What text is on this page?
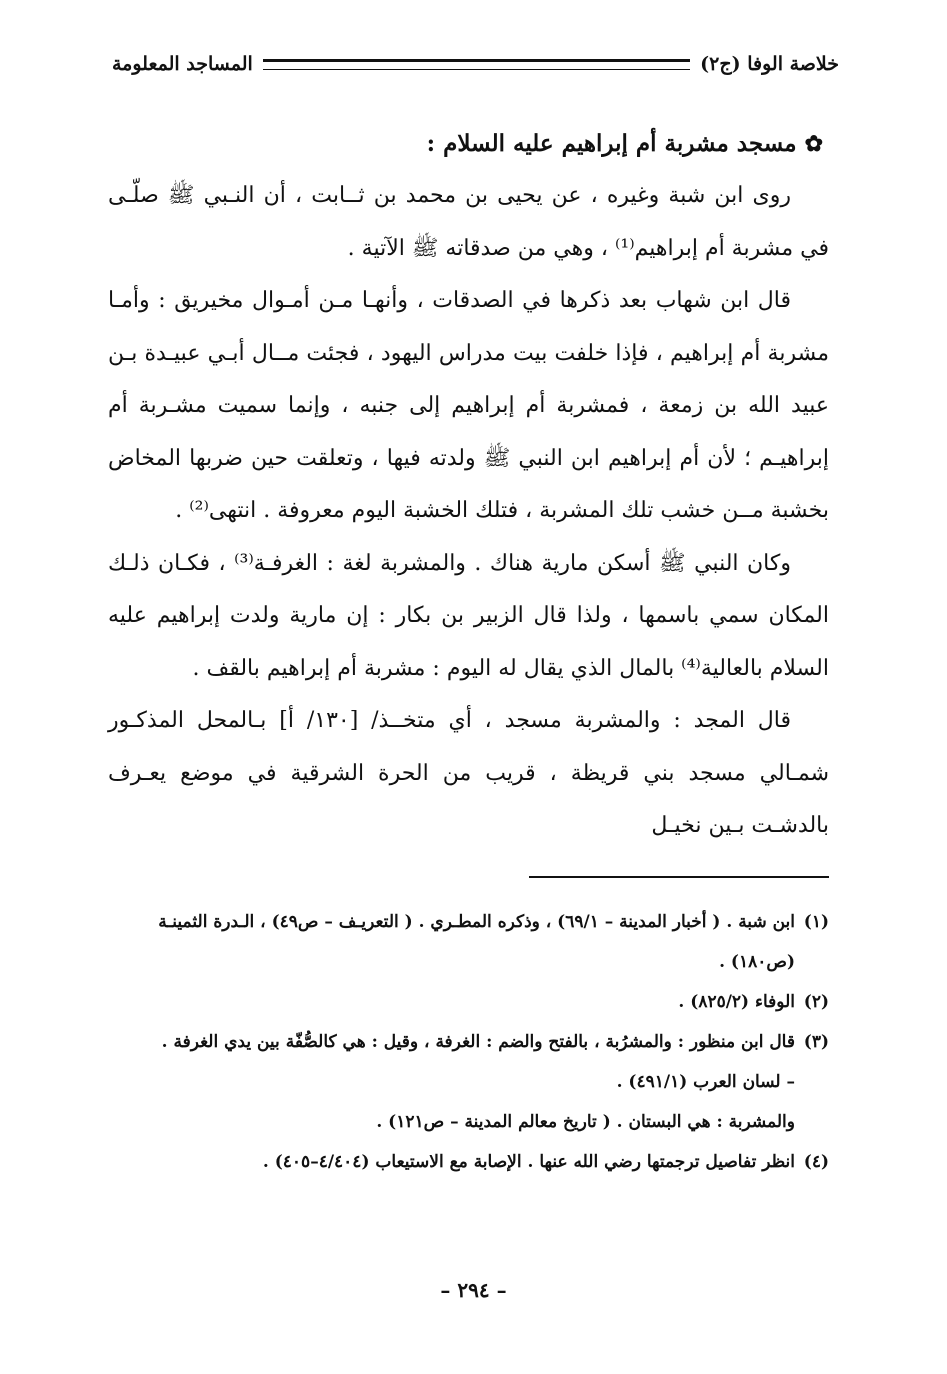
خلاصة الوفا (ج٢)
المساجد المعلومة
✿مسجد مشربة أم إبراهيم عليه السلام :

روى ابن شبة وغيره ، عن يحيى بن محمد بن ثــابت ، أن النـبي ﷺ صلّـى في مشربة أم إبراهيم⁽¹⁾ ، وهي من صدقاته ﷺ الآتية .

قال ابن شهاب بعد ذكرها في الصدقات ، وأنهـا مـن أمـوال مخيريق : وأمـا مشربة أم إبراهيم ، فإذا خلفت بيت مدراس اليهود ، فجئت مــال أبـي عبيـدة بـن عبيد الله بن زمعة ، فمشربة أم إبراهيم إلى جنبه ، وإنما سميت مشـربة أم إبراهيـم ؛ لأن أم إبراهيم ابن النبي ﷺ ولدته فيها ، وتعلقت حين ضربها المخاض بخشبة مــن خشب تلك المشربة ، فتلك الخشبة اليوم معروفة . انتهى⁽²⁾ .

وكان النبي ﷺ أسكن مارية هناك . والمشربة لغة : الغرفـة⁽³⁾ ، فكـان ذلـك المكان سمي باسمها ، ولذا قال الزبير بن بكار : إن مارية ولدت إبراهيم عليه السلام بالعالية⁽⁴⁾ بالمال الذي يقال له اليوم : مشربة أم إبراهيم بالقف .

قال المجد : والمشربة مسجد ، أي متخــذ/ [١٣٠/ أ] بـالمحل المذكـور شمـالي مسجد بني قريظة ، قريب من الحرة الشرقية في موضع يعـرف بالدشـت بـين نخيـل

(١)
ابن شبة . ( أخبار المدينة – ٦٩/١) ، وذكره المطـري . ( التعريـف – ص٤٩) ، الـدرة الثمينـة (ص١٨٠) .
(٢)
الوفاء (٨٢٥/٢) .
(٣)
قال ابن منظور : والمشرُبة ، بالفتح والضم : الغرفة ، وقيل : هي كالصُّفّة بين يدي الغرفة .
– لسان العرب (٤٩١/١) .
والمشربة : هي البستان . ( تاريخ معالم المدينة – ص١٢١) .
(٤)
انظر تفاصيل ترجمتها رضي الله عنها . الإصابة مع الاستيعاب (٤/٤٠٤–٤٠٥) .
– ٢٩٤ –
